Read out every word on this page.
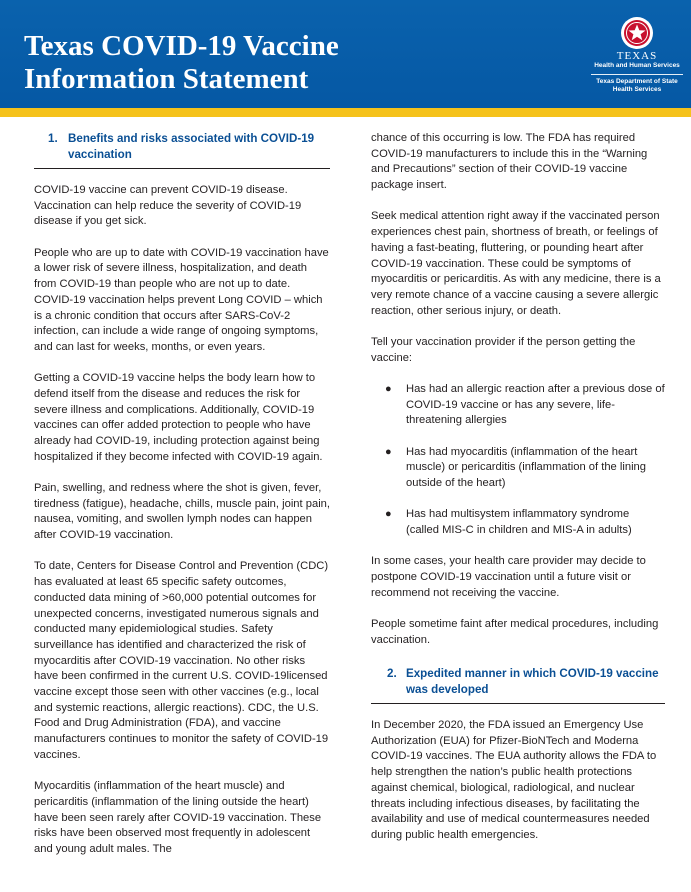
Texas COVID-19 Vaccine
Information Statement
TEXAS
Health and Human Services
Texas Department of State
Health Services
1. Benefits and risks associated with COVID-19 vaccination

COVID-19 vaccine can prevent COVID-19 disease. Vaccination can help reduce the severity of COVID-19 disease if you get sick.

People who are up to date with COVID-19 vaccination have a lower risk of severe illness, hospitalization, and death from COVID-19 than people who are not up to date. COVID-19 vaccination helps prevent Long COVID – which is a chronic condition that occurs after SARS-CoV-2 infection, can include a wide range of ongoing symptoms, and can last for weeks, months, or even years.

Getting a COVID-19 vaccine helps the body learn how to defend itself from the disease and reduces the risk for severe illness and complications. Additionally, COVID-19 vaccines can offer added protection to people who have already had COVID-19, including protection against being hospitalized if they become infected with COVID-19 again.

Pain, swelling, and redness where the shot is given, fever, tiredness (fatigue), headache, chills, muscle pain, joint pain, nausea, vomiting, and swollen lymph nodes can happen after COVID-19 vaccination.

To date, Centers for Disease Control and Prevention (CDC) has evaluated at least 65 specific safety outcomes, conducted data mining of >60,000 potential outcomes for unexpected concerns, investigated numerous signals and conducted many epidemiological studies. Safety surveillance has identified and characterized the risk of myocarditis after COVID-19 vaccination. No other risks have been confirmed in the current U.S. COVID-19licensed vaccine except those seen with other vaccines (e.g., local and systemic reactions, allergic reactions). CDC, the U.S. Food and Drug Administration (FDA), and vaccine manufacturers continues to monitor the safety of COVID-19 vaccines.

Myocarditis (inflammation of the heart muscle) and pericarditis (inflammation of the lining outside the heart) have been seen rarely after COVID-19 vaccination. These risks have been observed most frequently in adolescent and young adult males. The

chance of this occurring is low. The FDA has required COVID-19 manufacturers to include this in the “Warning and Precautions” section of their COVID-19 vaccine package insert.

Seek medical attention right away if the vaccinated person experiences chest pain, shortness of breath, or feelings of having a fast-beating, fluttering, or pounding heart after COVID-19 vaccination. These could be symptoms of myocarditis or pericarditis. As with any medicine, there is a very remote chance of a vaccine causing a severe allergic reaction, other serious injury, or death.

Tell your vaccination provider if the person getting the vaccine:

● Has had an allergic reaction after a previous dose of COVID-19 vaccine or has any severe, life-threatening allergies
● Has had myocarditis (inflammation of the heart muscle) or pericarditis (inflammation of the lining outside of the heart)
● Has had multisystem inflammatory syndrome (called MIS-C in children and MIS-A in adults)

In some cases, your health care provider may decide to postpone COVID-19 vaccination until a future visit or recommend not receiving the vaccine.

People sometime faint after medical procedures, including vaccination.

2. Expedited manner in which COVID-19 vaccine was developed

In December 2020, the FDA issued an Emergency Use Authorization (EUA) for Pfizer-BioNTech and Moderna COVID-19 vaccines. The EUA authority allows the FDA to help strengthen the nation’s public health protections against chemical, biological, radiological, and nuclear threats including infectious diseases, by facilitating the availability and use of medical countermeasures needed during public health emergencies.
